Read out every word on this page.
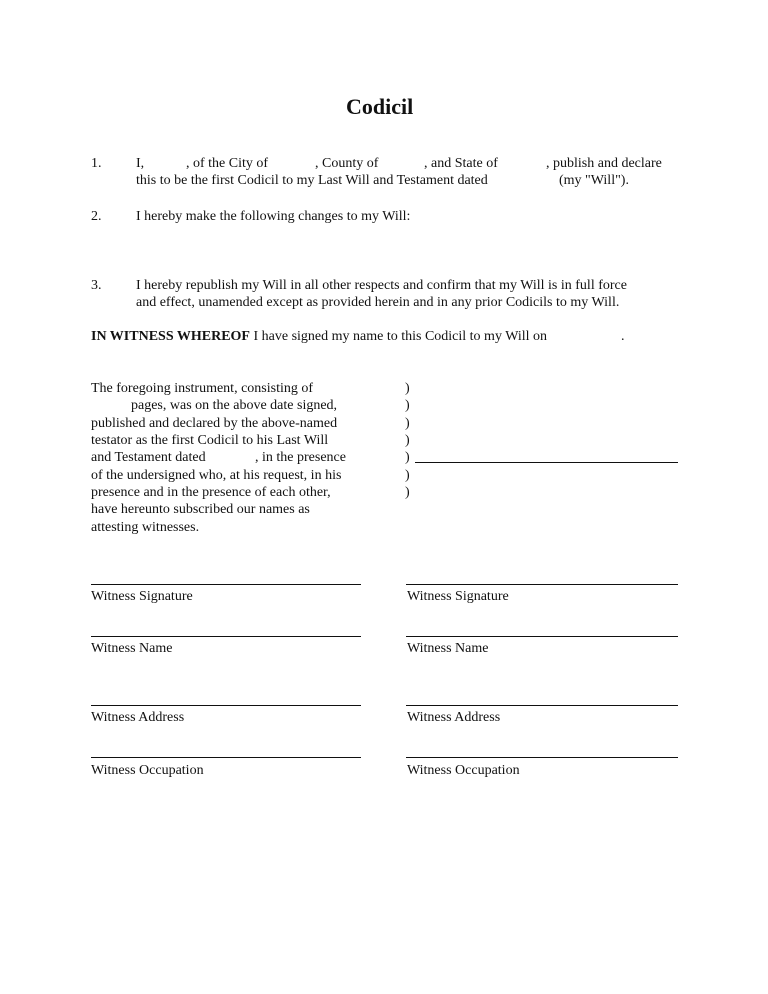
Codicil
1. I,	, of the City of	, County of	, and State of	, publish and declare
this to be the first Codicil to my Last Will and Testament dated	(my "Will").
2. I hereby make the following changes to my Will:
3. I hereby republish my Will in all other respects and confirm that my Will is in full force
and effect, unamended except as provided herein and in any prior Codicils to my Will.
IN WITNESS WHEREOF I have signed my name to this Codicil to my Will on	.
The foregoing instrument, consisting of
pages, was on the above date signed,
published and declared by the above-named
testator as the first Codicil to his Last Will
and Testament dated	, in the presence
of the undersigned who, at his request, in his
presence and in the presence of each other,
have hereunto subscribed our names as
attesting witnesses.
)
)
)
)
)
)
)
Witness Signature
Witness Name
Witness Address
Witness Occupation
Witness Signature
Witness Name
Witness Address
Witness Occupation
